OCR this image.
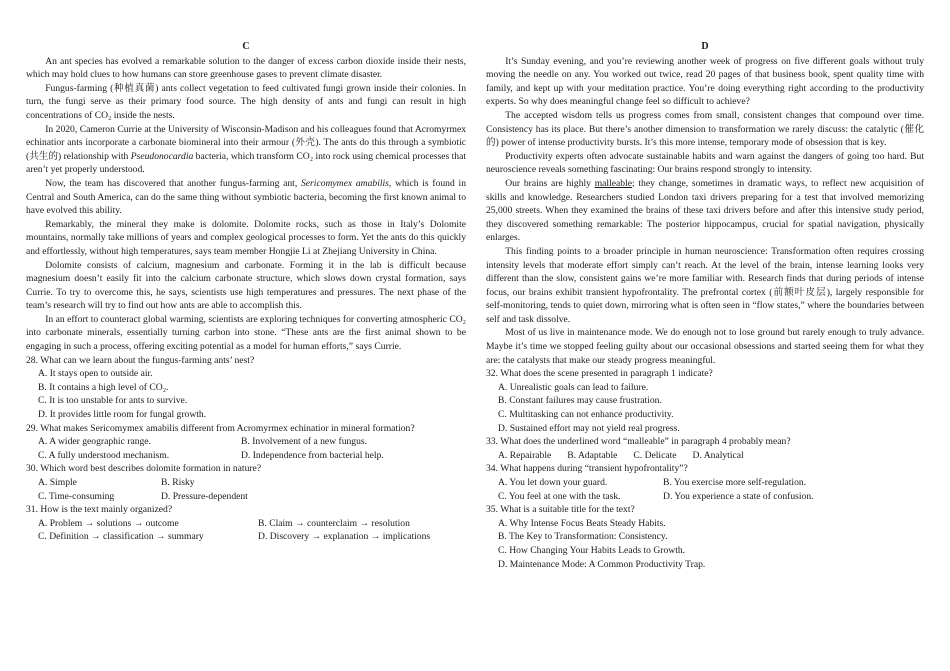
C

An ant species has evolved a remarkable solution to the danger of excess carbon dioxide inside their nests, which may hold clues to how humans can store greenhouse gases to prevent climate disaster.

Fungus-farming (种植真菌) ants collect vegetation to feed cultivated fungi grown inside their colonies. In turn, the fungi serve as their primary food source. The high density of ants and fungi can result in high concentrations of CO₂ inside the nests.

In 2020, Cameron Currie at the University of Wisconsin-Madison and his colleagues found that Acromyrmex echinatior ants incorporate a carbonate biomineral into their armour (外壳). The ants do this through a symbiotic (共生的) relationship with Pseudonocardia bacteria, which transform CO₂ into rock using chemical processes that aren’t yet properly understood.

Now, the team has discovered that another fungus-farming ant, Sericomymex amabilis, which is found in Central and South America, can do the same thing without symbiotic bacteria, becoming the first known animal to have evolved this ability.

Remarkably, the mineral they make is dolomite. Dolomite rocks, such as those in Italy’s Dolomite mountains, normally take millions of years and complex geological processes to form. Yet the ants do this quickly and effortlessly, without high temperatures, says team member Hongjie Li at Zhejiang University in China.

Dolomite consists of calcium, magnesium and carbonate. Forming it in the lab is difficult because magnesium doesn’t easily fit into the calcium carbonate structure, which slows down crystal formation, says Currie. To try to overcome this, he says, scientists use high temperatures and pressures. The next phase of the team’s research will try to find out how ants are able to accomplish this.

In an effort to counteract global warming, scientists are exploring techniques for converting atmospheric CO₂ into carbonate minerals, essentially turning carbon into stone. “These ants are the first animal shown to be engaging in such a process, offering exciting potential as a model for human efforts,” says Currie.

28. What can we learn about the fungus-farming ants’ nest?

A. It stays open to outside air.

B. It contains a high level of CO₂.

C. It is too unstable for ants to survive.

D. It provides little room for fungal growth.

29. What makes Sericomymex amabilis different from Acromyrmex echinatior in mineral formation?

A. A wider geographic range.	B. Involvement of a new fungus.
C. A fully understood mechanism.	D. Independence from bacterial help.

30. Which word best describes dolomite formation in nature?

A. Simple	B. Risky
C. Time-consuming	D. Pressure-dependent

31. How is the text mainly organized?

A. Problem → solutions → outcome	B. Claim → counterclaim → resolution
C. Definition → classification → summary	D. Discovery → explanation → implications
D

It’s Sunday evening, and you’re reviewing another week of progress on five different goals without truly moving the needle on any. You worked out twice, read 20 pages of that business book, spent quality time with family, and kept up with your meditation practice. You’re doing everything right according to the productivity experts. So why does meaningful change feel so difficult to achieve?

The accepted wisdom tells us progress comes from small, consistent changes that compound over time. Consistency has its place. But there’s another dimension to transformation we rarely discuss: the catalytic (催化的) power of intense productivity bursts. It’s this more intense, temporary mode of obsession that is key.

Productivity experts often advocate sustainable habits and warn against the dangers of going too hard. But neuroscience reveals something fascinating: Our brains respond strongly to intensity.

Our brains are highly malleable; they change, sometimes in dramatic ways, to reflect new acquisition of skills and knowledge. Researchers studied London taxi drivers preparing for a test that involved memorizing 25,000 streets. When they examined the brains of these taxi drivers before and after this intensive study period, they discovered something remarkable: The posterior hippocampus, crucial for spatial navigation, physically enlarges.

This finding points to a broader principle in human neuroscience: Transformation often requires crossing intensity levels that moderate effort simply can’t reach. At the level of the brain, intense learning looks very different than the slow, consistent gains we’re more familiar with. Research finds that during periods of intense focus, our brains exhibit transient hypofrontality. The prefrontal cortex (前额叶皮层), largely responsible for self-monitoring, tends to quiet down, mirroring what is often seen in “flow states,” where the boundaries between self and task dissolve.

Most of us live in maintenance mode. We do enough not to lose ground but rarely enough to truly advance. Maybe it’s time we stopped feeling guilty about our occasional obsessions and started seeing them for what they are: the catalysts that make our steady progress meaningful.

32. What does the scene presented in paragraph 1 indicate?

A. Unrealistic goals can lead to failure.

B. Constant failures may cause frustration.

C. Multitasking can not enhance productivity.

D. Sustained effort may not yield real progress.

33. What does the underlined word “malleable” in paragraph 4 probably mean?

A. Repairable B. Adaptable C. Delicate D. Analytical

34. What happens during “transient hypofrontality”?

A. You let down your guard.	B. You exercise more self-regulation.
C. You feel at one with the task.	D. You experience a state of confusion.

35. What is a suitable title for the text?

A. Why Intense Focus Beats Steady Habits.

B. The Key to Transformation: Consistency.

C. How Changing Your Habits Leads to Growth.

D. Maintenance Mode: A Common Productivity Trap.
